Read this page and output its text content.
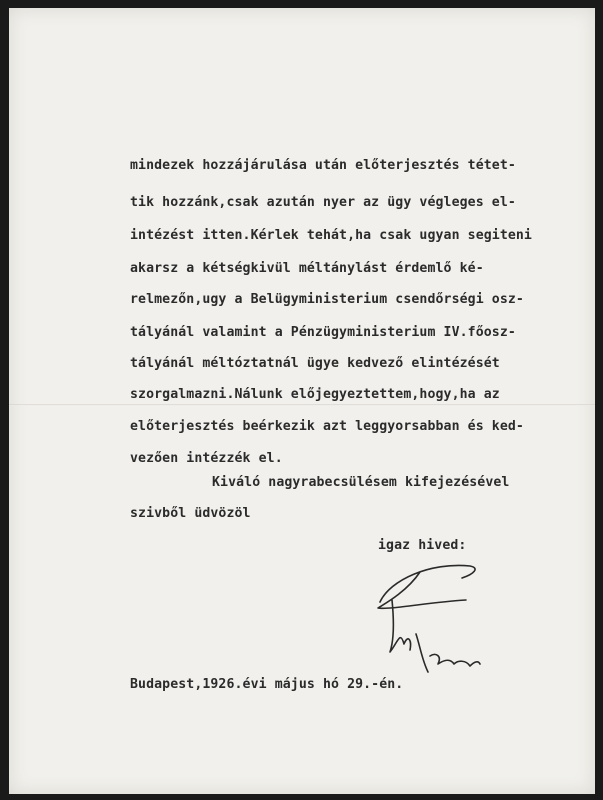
mindezek hozzájárulása után előterjesztés tétet-

tik hozzánk,csak azután nyer az ügy végleges el-

intézést itten.Kérlek tehát,ha csak ugyan segiteni

akarsz a kétségkivül méltánylást érdemlő ké-

relmezőn,ugy a Belügyministerium csendőrségi osz-

tályánál valamint a Pénzügyministerium IV.főosz-

tályánál méltóztatnál ügye kedvező elintézését

szorgalmazni.Nálunk előjegyeztettem,hogy,ha az

előterjesztés beérkezik azt leggyorsabban és ked-

vezően intézzék el.

Kiváló nagyrabecsülésem kifejezésével
szivből üdvözöl
igaz hived:
Budapest,1926.évi május hó 29.-én.
